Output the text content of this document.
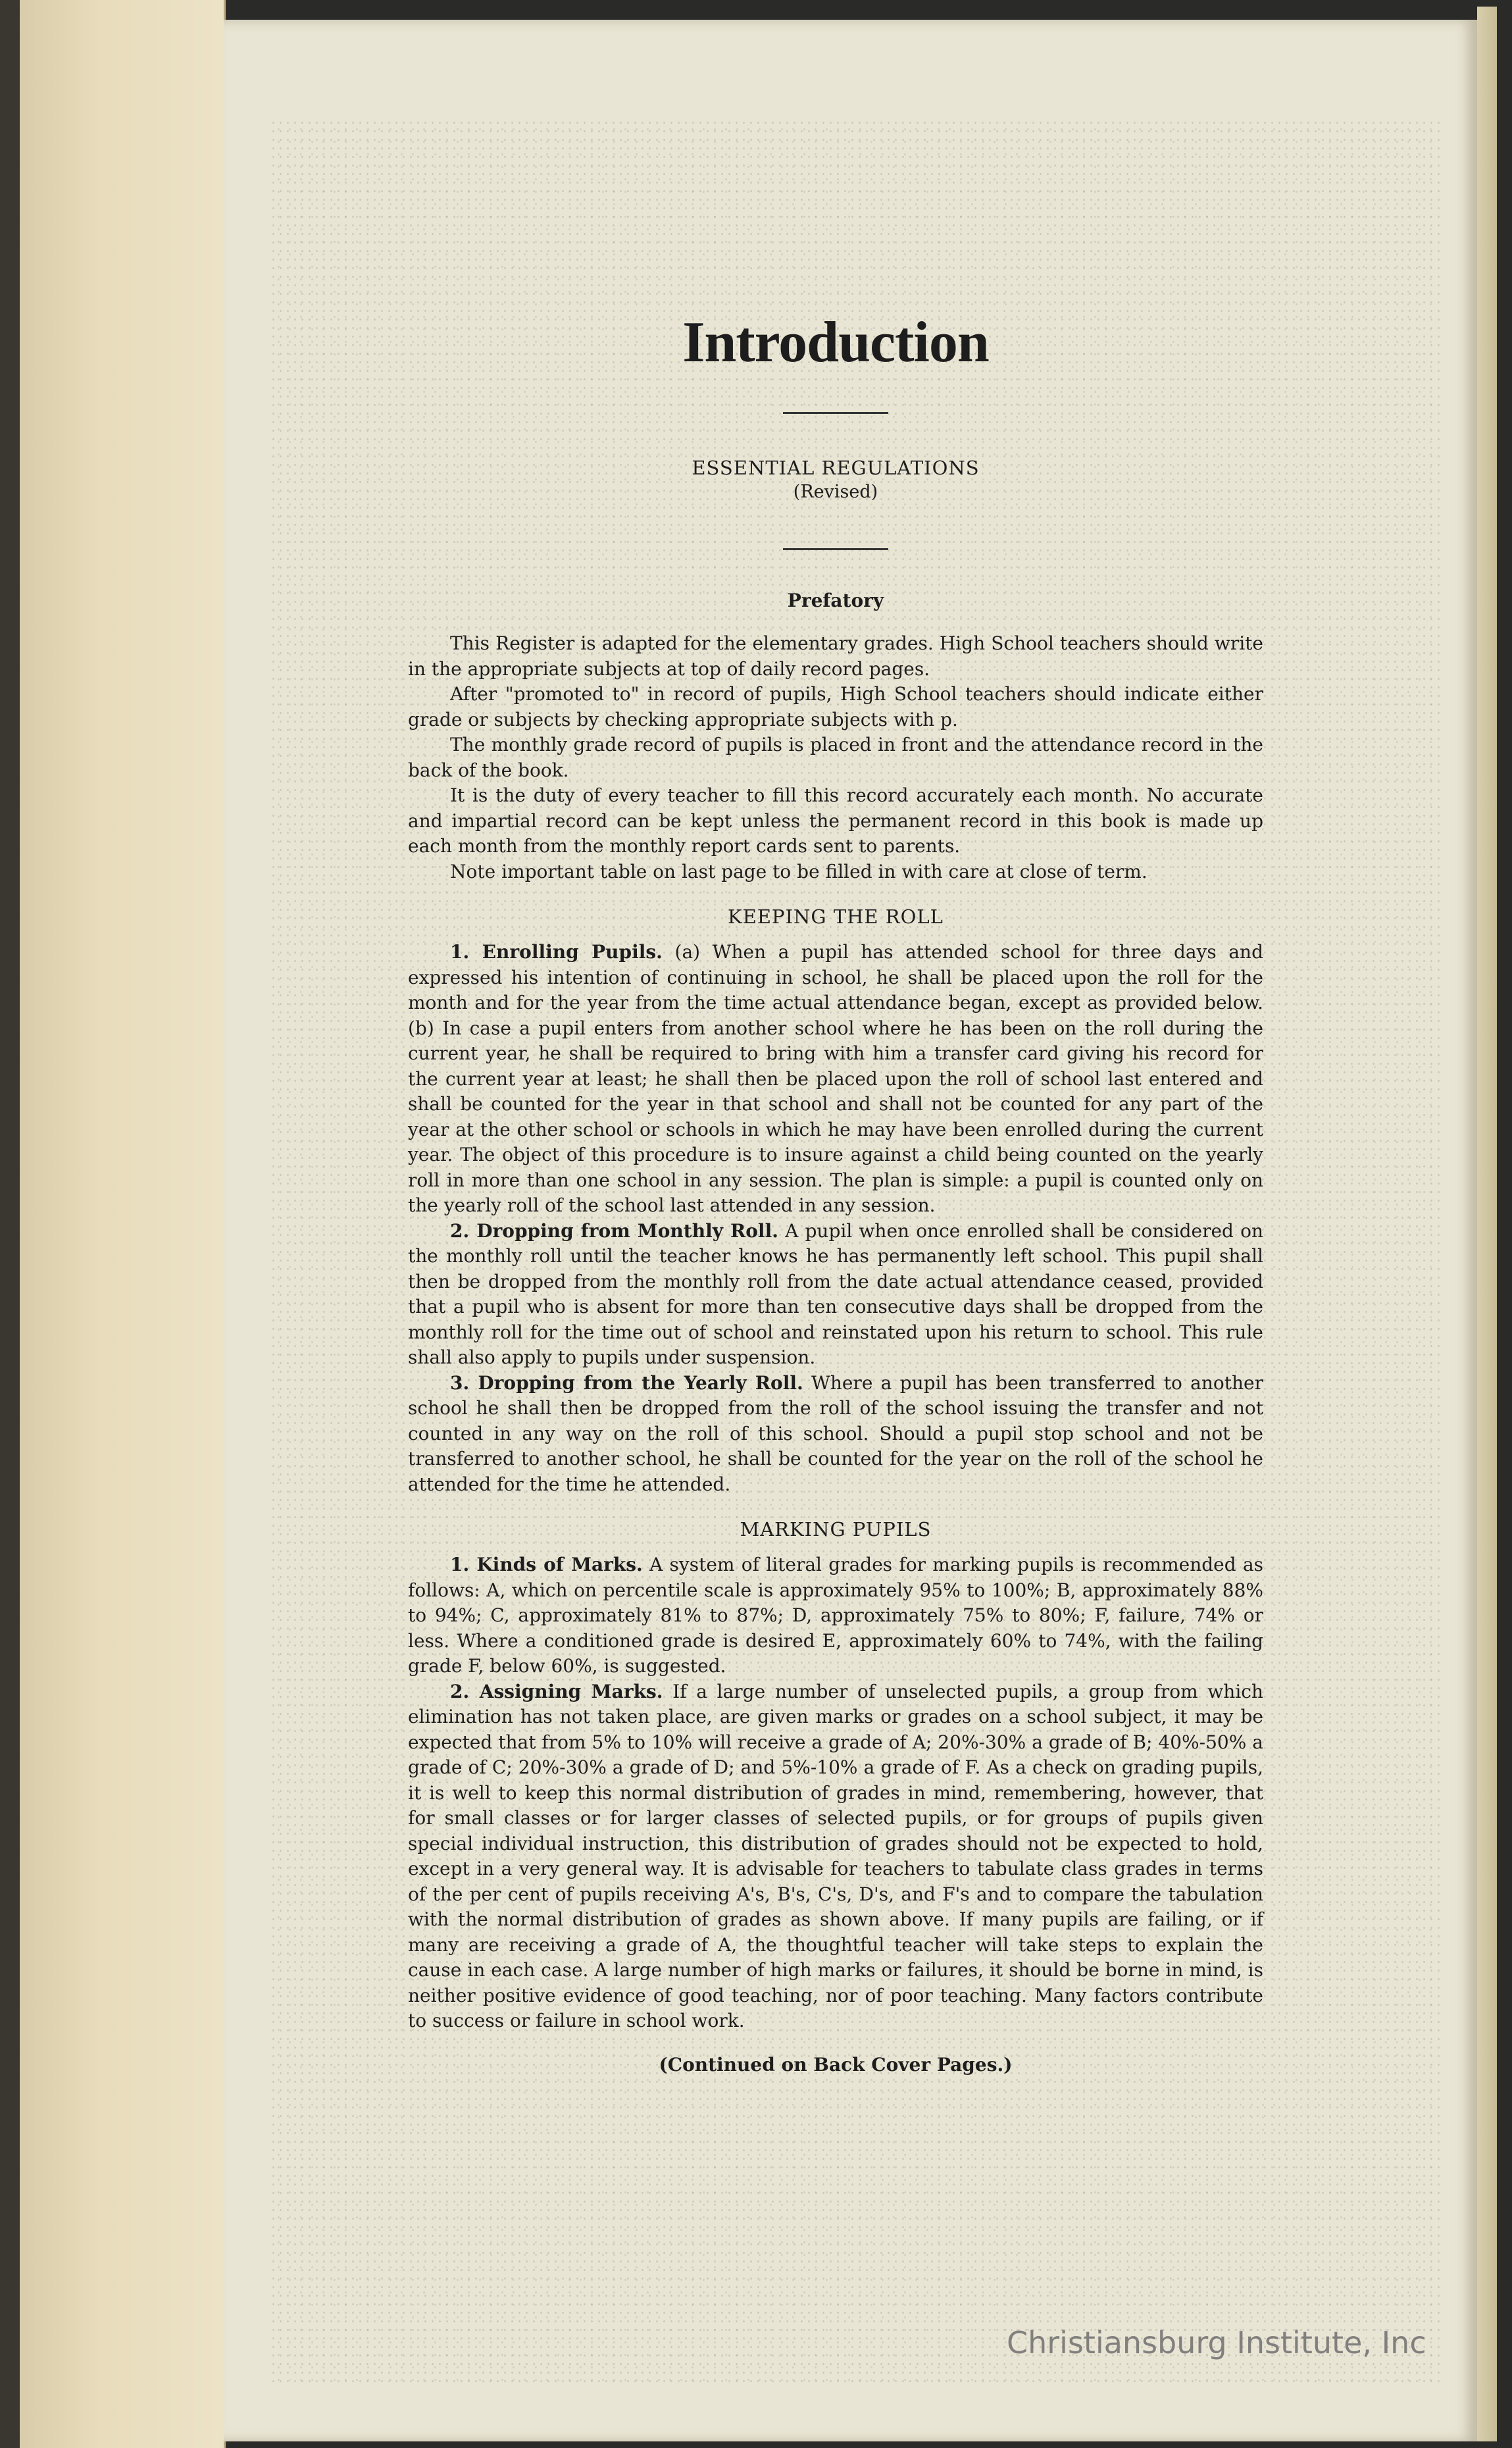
Introduction
ESSENTIAL REGULATIONS
(Revised)
Prefatory

This Register is adapted for the elementary grades. High School teachers should write in the appropriate subjects at top of daily record pages.

After "promoted to" in record of pupils, High School teachers should indicate either grade or subjects by checking appropriate subjects with p.

The monthly grade record of pupils is placed in front and the attendance record in the back of the book.

It is the duty of every teacher to fill this record accurately each month. No accurate and impartial record can be kept unless the permanent record in this book is made up each month from the monthly report cards sent to parents.

Note important table on last page to be filled in with care at close of term.

KEEPING THE ROLL

1. Enrolling Pupils. (a) When a pupil has attended school for three days and expressed his intention of continuing in school, he shall be placed upon the roll for the month and for the year from the time actual attendance began, except as provided below. (b) In case a pupil enters from another school where he has been on the roll during the current year, he shall be required to bring with him a transfer card giving his record for the current year at least; he shall then be placed upon the roll of school last entered and shall be counted for the year in that school and shall not be counted for any part of the year at the other school or schools in which he may have been enrolled during the current year. The object of this procedure is to insure against a child being counted on the yearly roll in more than one school in any session. The plan is simple: a pupil is counted only on the yearly roll of the school last attended in any session.

2. Dropping from Monthly Roll. A pupil when once enrolled shall be considered on the monthly roll until the teacher knows he has permanently left school. This pupil shall then be dropped from the monthly roll from the date actual attendance ceased, provided that a pupil who is absent for more than ten consecutive days shall be dropped from the monthly roll for the time out of school and reinstated upon his return to school. This rule shall also apply to pupils under suspension.

3. Dropping from the Yearly Roll. Where a pupil has been transferred to another school he shall then be dropped from the roll of the school issuing the transfer and not counted in any way on the roll of this school. Should a pupil stop school and not be transferred to another school, he shall be counted for the year on the roll of the school he attended for the time he attended.

MARKING PUPILS

1. Kinds of Marks. A system of literal grades for marking pupils is recommended as follows: A, which on percentile scale is approximately 95% to 100%; B, approximately 88% to 94%; C, approximately 81% to 87%; D, approximately 75% to 80%; F, failure, 74% or less. Where a conditioned grade is desired E, approximately 60% to 74%, with the failing grade F, below 60%, is suggested.

2. Assigning Marks. If a large number of unselected pupils, a group from which elimination has not taken place, are given marks or grades on a school subject, it may be expected that from 5% to 10% will receive a grade of A; 20%-30% a grade of B; 40%-50% a grade of C; 20%-30% a grade of D; and 5%-10% a grade of F. As a check on grading pupils, it is well to keep this normal distribution of grades in mind, remembering, however, that for small classes or for larger classes of selected pupils, or for groups of pupils given special individual instruction, this distribution of grades should not be expected to hold, except in a very general way. It is advisable for teachers to tabulate class grades in terms of the per cent of pupils receiving A's, B's, C's, D's, and F's and to compare the tabulation with the normal distribution of grades as shown above. If many pupils are failing, or if many are receiving a grade of A, the thoughtful teacher will take steps to explain the cause in each case. A large number of high marks or failures, it should be borne in mind, is neither positive evidence of good teaching, nor of poor teaching. Many factors contribute to success or failure in school work.

(Continued on Back Cover Pages.)
Christiansburg Institute, Inc
